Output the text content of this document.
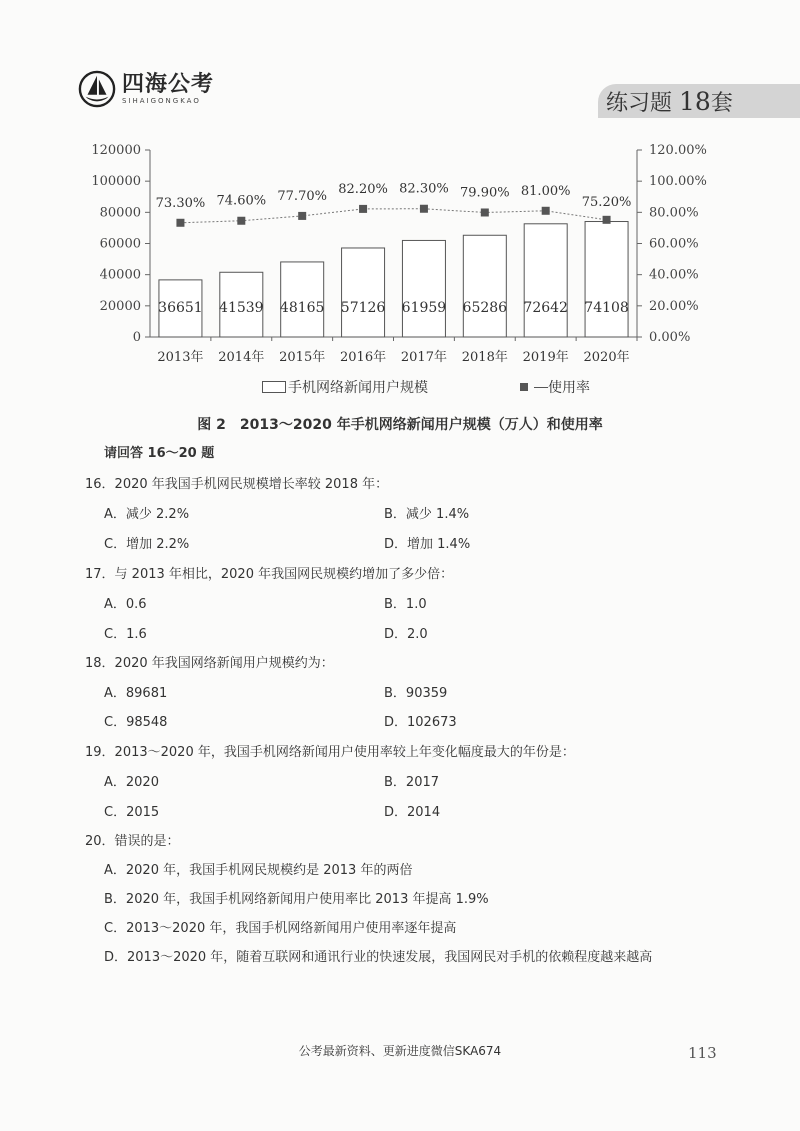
四海公考
SIHAIGONGKAO	练习题 18套
120000
100000
80000
60000
40000
20000
0
120.00%
100.00%
80.00%
60.00%
40.00%
20.00%
0.00%
36651
2013年
41539
2014年
48165
2015年
57126
2016年
61959
2017年
65286
2018年
72642
2019年
74108
2020年
73.30% 74.60% 77.70% 82.20% 82.30% 79.90% 81.00%
75.20%
手机网络新闻用户规模	使用率
图 2　2013～2020 年手机网络新闻用户规模（万人）和使用率
请回答 16～20 题
16．2020 年我国手机网民规模增长率较 2018 年：
A．减少 2.2%	B．减少 1.4%
C．增加 2.2%	D．增加 1.4%
17．与 2013 年相比，2020 年我国网民规模约增加了多少倍：
A．0.6	B．1.0
C．1.6	D．2.0
18．2020 年我国网络新闻用户规模约为：
A．89681	B．90359
C．98548	D．102673
19．2013～2020 年，我国手机网络新闻用户使用率较上年变化幅度最大的年份是：
A．2020	B．2017
C．2015	D．2014
20．错误的是：
A．2020 年，我国手机网民规模约是 2013 年的两倍
B．2020 年，我国手机网络新闻用户使用率比 2013 年提高 1.9%
C．2013～2020 年，我国手机网络新闻用户使用率逐年提高
D．2013～2020 年，随着互联网和通讯行业的快速发展，我国网民对手机的依赖程度越来越高
公考最新资料、更新进度微信SKA674	113
